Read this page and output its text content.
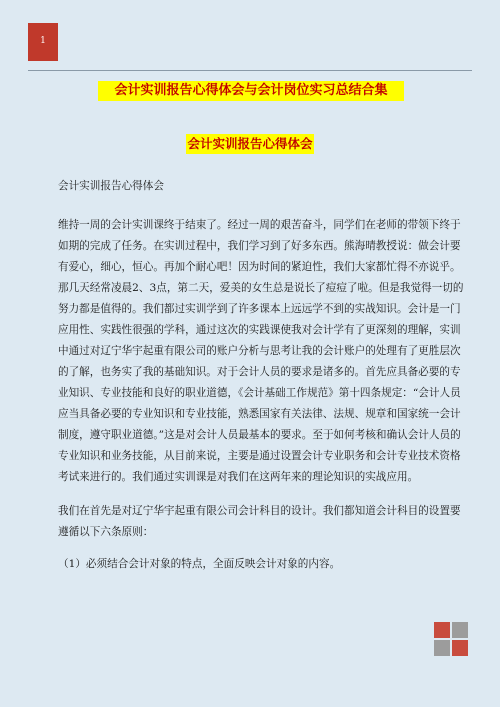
1
会计实训报告心得体会与会计岗位实习总结合集
会计实训报告心得体会

会计实训报告心得体会

维持一周的会计实训课终于结束了。经过一周的艰苦奋斗，同学们在老师的带领下终于如期的完成了任务。在实训过程中，我们学习到了好多东西。熊海晴教授说：做会计要有爱心，细心，恒心。再加个耐心吧！因为时间的紧迫性，我们大家都忙得不亦说乎。那几天经常凌晨2、3点，第二天，爱美的女生总是说长了痘痘了啦。但是我觉得一切的努力都是值得的。我们都过实训学到了许多课本上远远学不到的实战知识。会计是一门应用性、实践性很强的学科，通过这次的实践课使我对会计学有了更深刻的理解，实训中通过对辽宁华宇起重有限公司的账户分析与思考让我的会计账户的处理有了更胜层次的了解，也务实了我的基础知识。对于会计人员的要求是诸多的。首先应具备必要的专业知识、专业技能和良好的职业道德，《会计基础工作规范》第十四条规定：“会计人员应当具备必要的专业知识和专业技能，熟悉国家有关法律、法规、规章和国家统一会计制度，遵守职业道德。”这是对会计人员最基本的要求。至于如何考核和确认会计人员的专业知识和业务技能，从目前来说，主要是通过设置会计专业职务和会计专业技术资格考试来进行的。我们通过实训课是对我们在这两年来的理论知识的实战应用。

我们在首先是对辽宁华宇起重有限公司会计科目的设计。我们都知道会计科目的设置要遵循以下六条原则：

（1）必须结合会计对象的特点，全面反映会计对象的内容。
